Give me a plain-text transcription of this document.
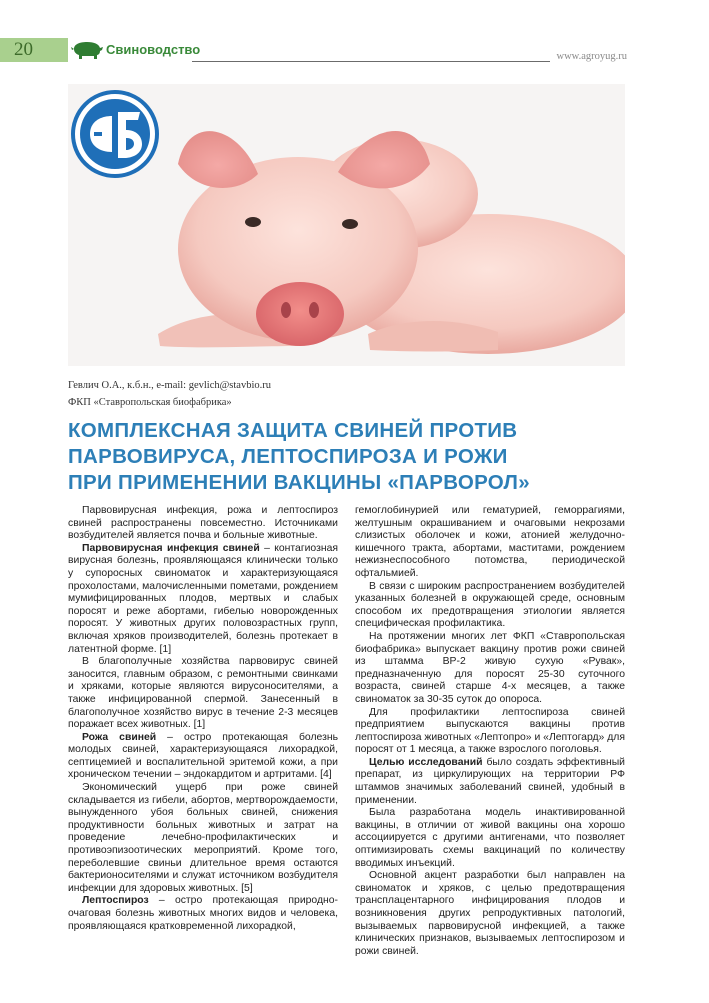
20	Свиноводство	www.agroyug.ru
Гевлич О.А., к.б.н., e-mail: gevlich@stavbio.ru
ФКП «Ставропольская биофабрика»
КОМПЛЕКСНАЯ ЗАЩИТА СВИНЕЙ ПРОТИВ
ПАРВОВИРУСА, ЛЕПТОСПИРОЗА И РОЖИ
ПРИ ПРИМЕНЕНИИ ВАКЦИНЫ «ПАРВОРОЛ»

Парвовирусная инфекция, рожа и лептоспироз свиней распространены повсеместно. Источниками возбудителей является почва и больные животные.

Парвовирусная инфекция свиней – контагиозная вирусная болезнь, проявляющаяся клинически только у супоросных свиноматок и характеризующаяся прохолостами, малочисленными пометами, рождением мумифицированных плодов, мертвых и слабых поросят и реже абортами, гибелью новорожденных поросят. У животных других половозрастных групп, включая хряков производителей, болезнь протекает в латентной форме. [1]

В благополучные хозяйства парвовирус свиней заносится, главным образом, с ремонтными свинками и хряками, которые являются вирусоносителями, а также инфицированной спермой. Занесенный в благополучное хозяйство вирус в течение 2-3 месяцев поражает всех животных. [1]

Рожа свиней – остро протекающая болезнь молодых свиней, характеризующаяся лихорадкой, септицемией и воспалительной эритемой кожи, а при хроническом течении – эндокардитом и артритами. [4]

Экономический ущерб при роже свиней складывается из гибели, абортов, мертворождаемости, вынужденного убоя больных свиней, снижения продуктивности больных животных и затрат на проведение лечебно-профилактических и противоэпизоотических мероприятий. Кроме того, переболевшие свиньи длительное время остаются бактерионосителями и служат источником возбудителя инфекции для здоровых животных. [5]

Лептоспироз – остро протекающая природно-очаговая болезнь животных многих видов и человека, проявляющаяся кратковременной лихорадкой,

гемоглобинурией или гематурией, геморрагиями, желтушным окрашиванием и очаговыми некрозами слизистых оболочек и кожи, атонией желудочно-кишечного тракта, абортами, маститами, рождением нежизнеспособного потомства, периодической офтальмией.

В связи с широким распространением возбудителей указанных болезней в окружающей среде, основным способом их предотвращения этиологии является специфическая профилактика.

На протяжении многих лет ФКП «Ставропольская биофабрика» выпускает вакцину против рожи свиней из штамма ВР-2 живую сухую «Рувак», предназначенную для поросят 25-30 суточного возраста, свиней старше 4-х месяцев, а также свиноматок за 30-35 суток до опороса.

Для профилактики лептоспироза свиней предприятием выпускаются вакцины против лептоспироза животных «Лептопро» и «Лептогард» для поросят от 1 месяца, а также взрослого поголовья.

Целью исследований было создать эффективный препарат, из циркулирующих на территории РФ штаммов значимых заболеваний свиней, удобный в применении.

Была разработана модель инактивированной вакцины, в отличии от живой вакцины она хорошо ассоциируется с другими антигенами, что позволяет оптимизировать схемы вакцинаций по количеству вводимых инъекций.

Основной акцент разработки был направлен на свиноматок и хряков, с целью предотвращения трансплацентарного инфицирования плодов и возникновения других репродуктивных патологий, вызываемых парвовирусной инфекцией, а также клинических признаков, вызываемых лептоспирозом и рожи свиней.
